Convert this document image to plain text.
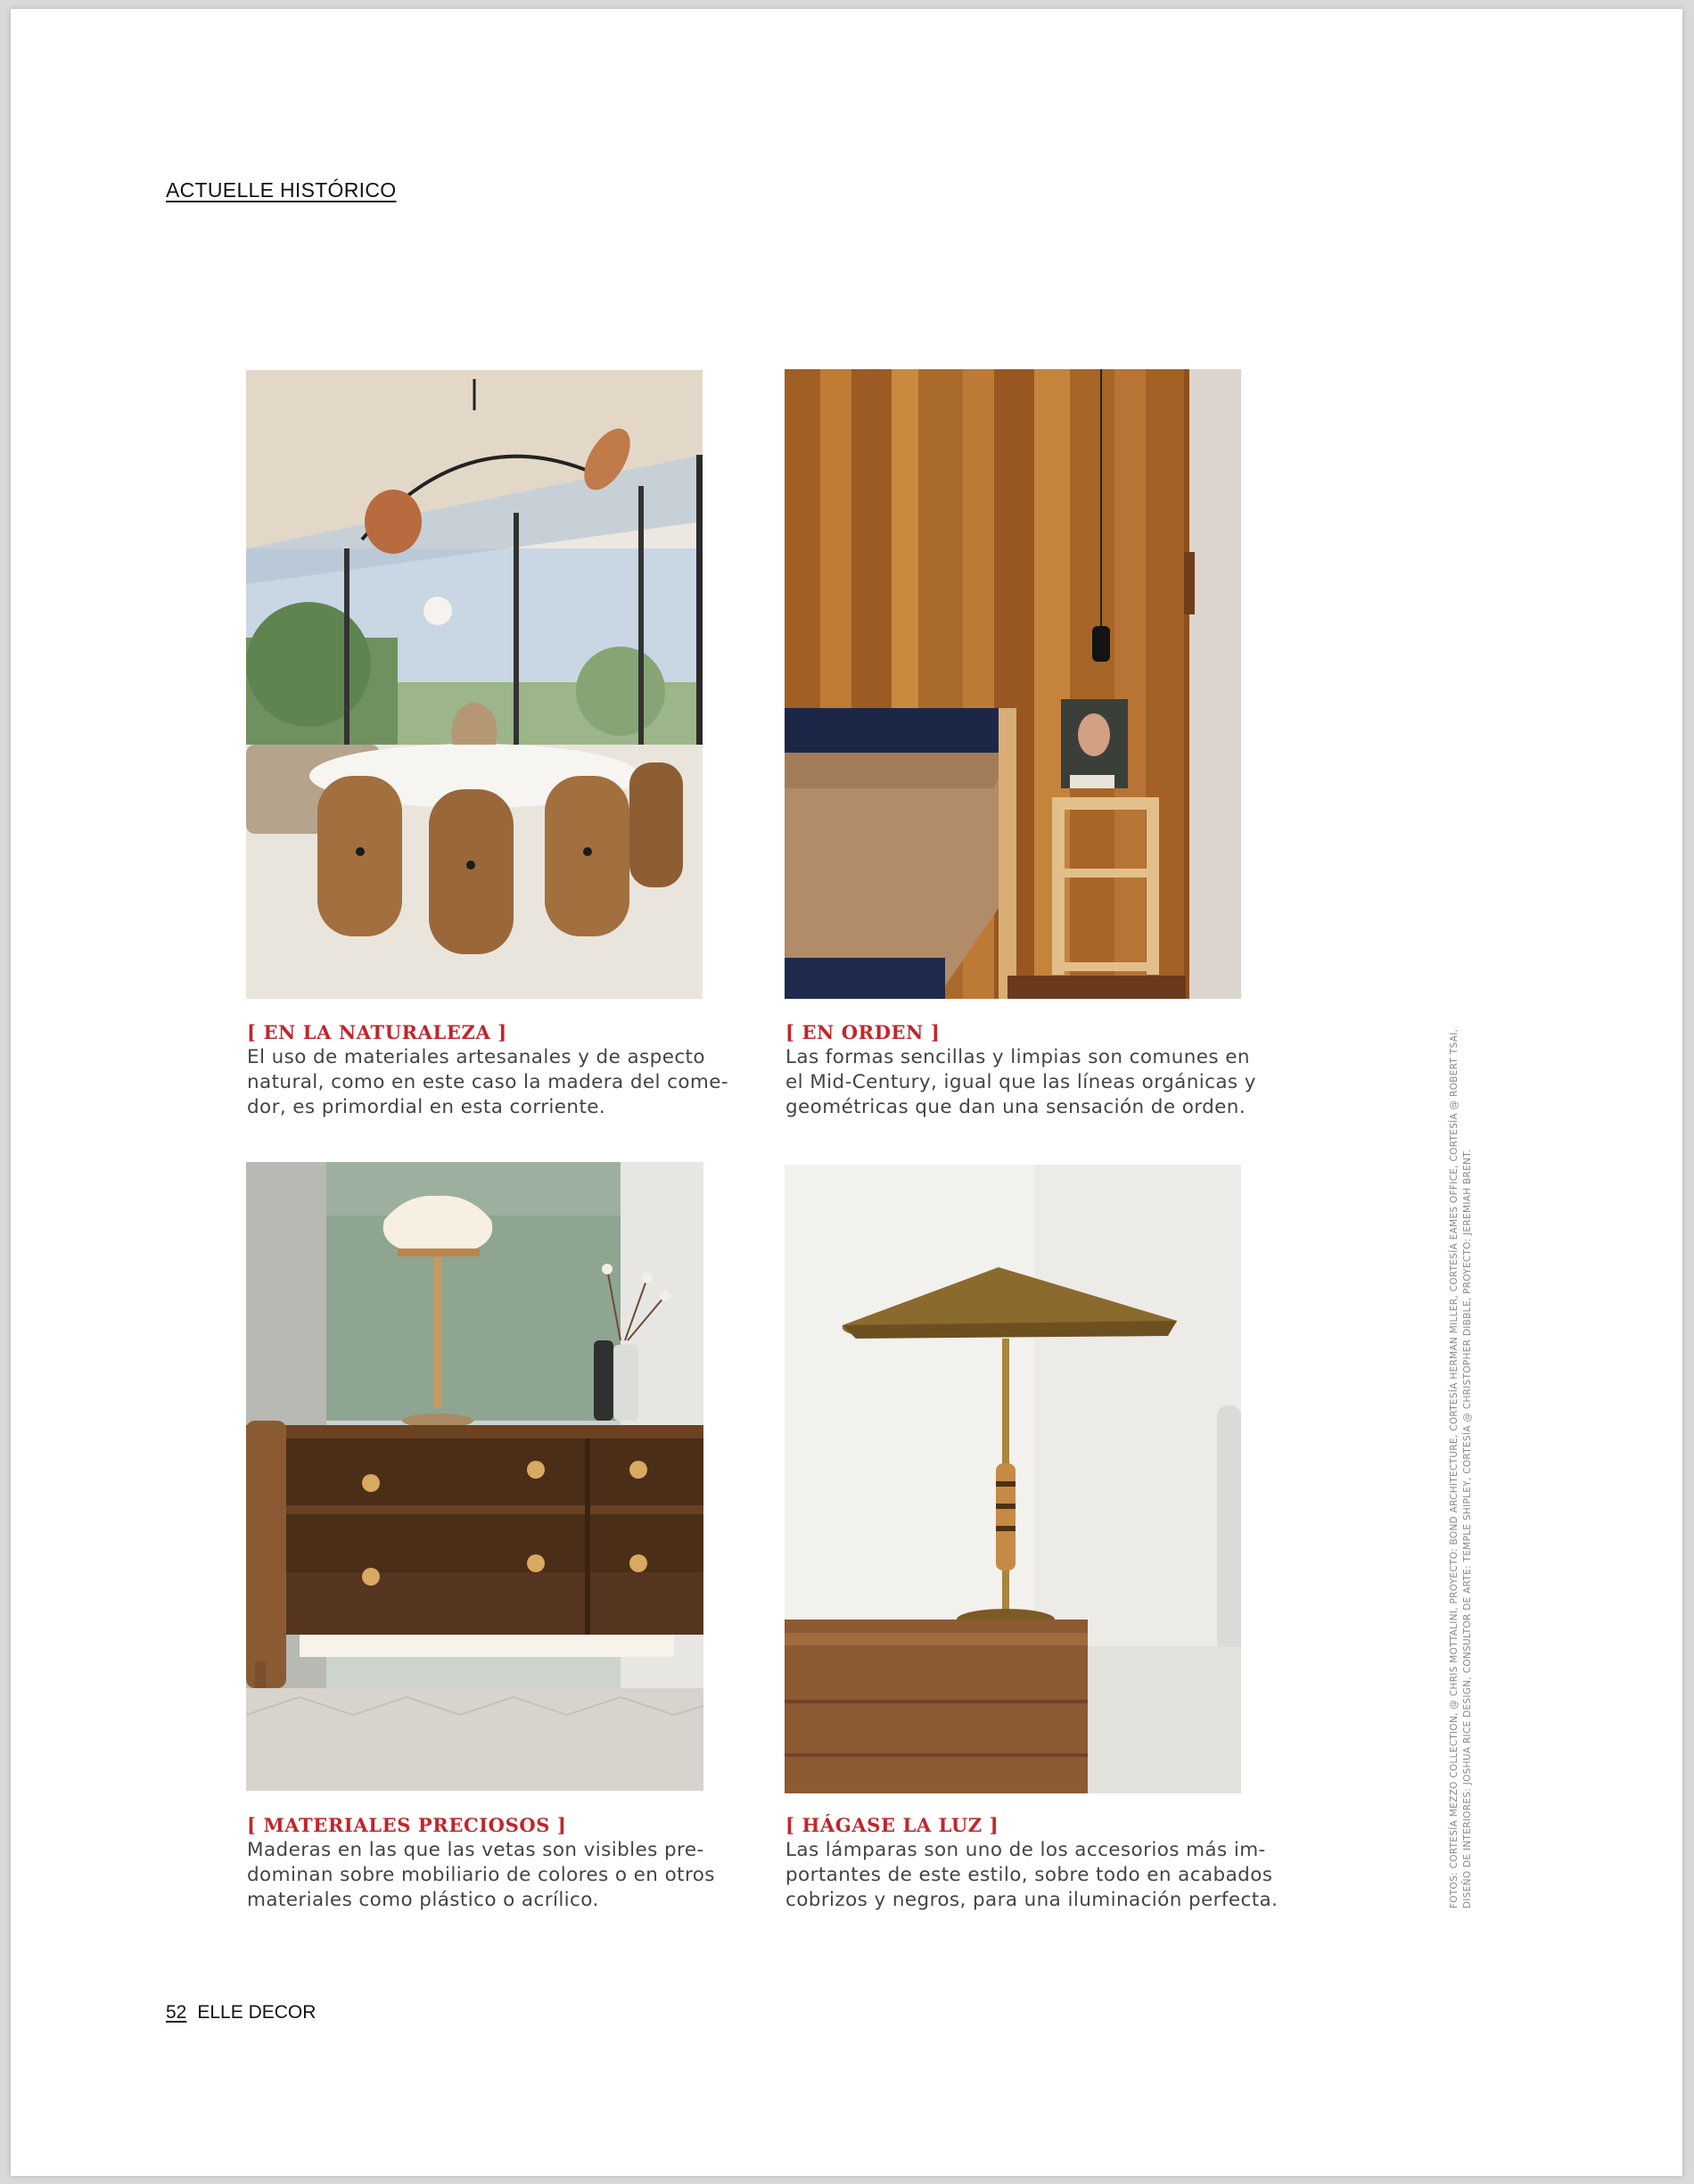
ACTUELLE HISTÓRICO

[ EN LA NATURALEZA ]

El uso de materiales artesanales y de aspecto

natural, como en este caso la madera del come-

dor, es primordial en esta corriente.

[ EN ORDEN ]

Las formas sencillas y limpias son comunes en

el Mid-Century, igual que las líneas orgánicas y

geométricas que dan una sensación de orden.

[ MATERIALES PRECIOSOS ]

Maderas en las que las vetas son visibles pre-

dominan sobre mobiliario de colores o en otros

materiales como plástico o acrílico.

[ HÁGASE LA LUZ ]

Las lámparas son uno de los accesorios más im-

portantes de este estilo, sobre todo en acabados

cobrizos y negros, para una iluminación perfecta.	FOTOS: CORTESÍA MEZZO COLLECTION, @ CHRIS MOTTALINI, PROYECTO: BOND ARCHITECTURE, CORTESÍA HERMAN MILLER, CORTESÍA EAMES OFFICE, CORTESÍA @ ROBERT TSAI, DISEÑO DE INTERIORES: JOSHUA RICE DESIGN, CONSULTOR DE ARTE: TEMPLE SHIPLEY, CORTESÍA @ CHRISTOPHER DIBBLE, PROYECTO: JEREMIAH BRENT.
52 ELLE DECOR
